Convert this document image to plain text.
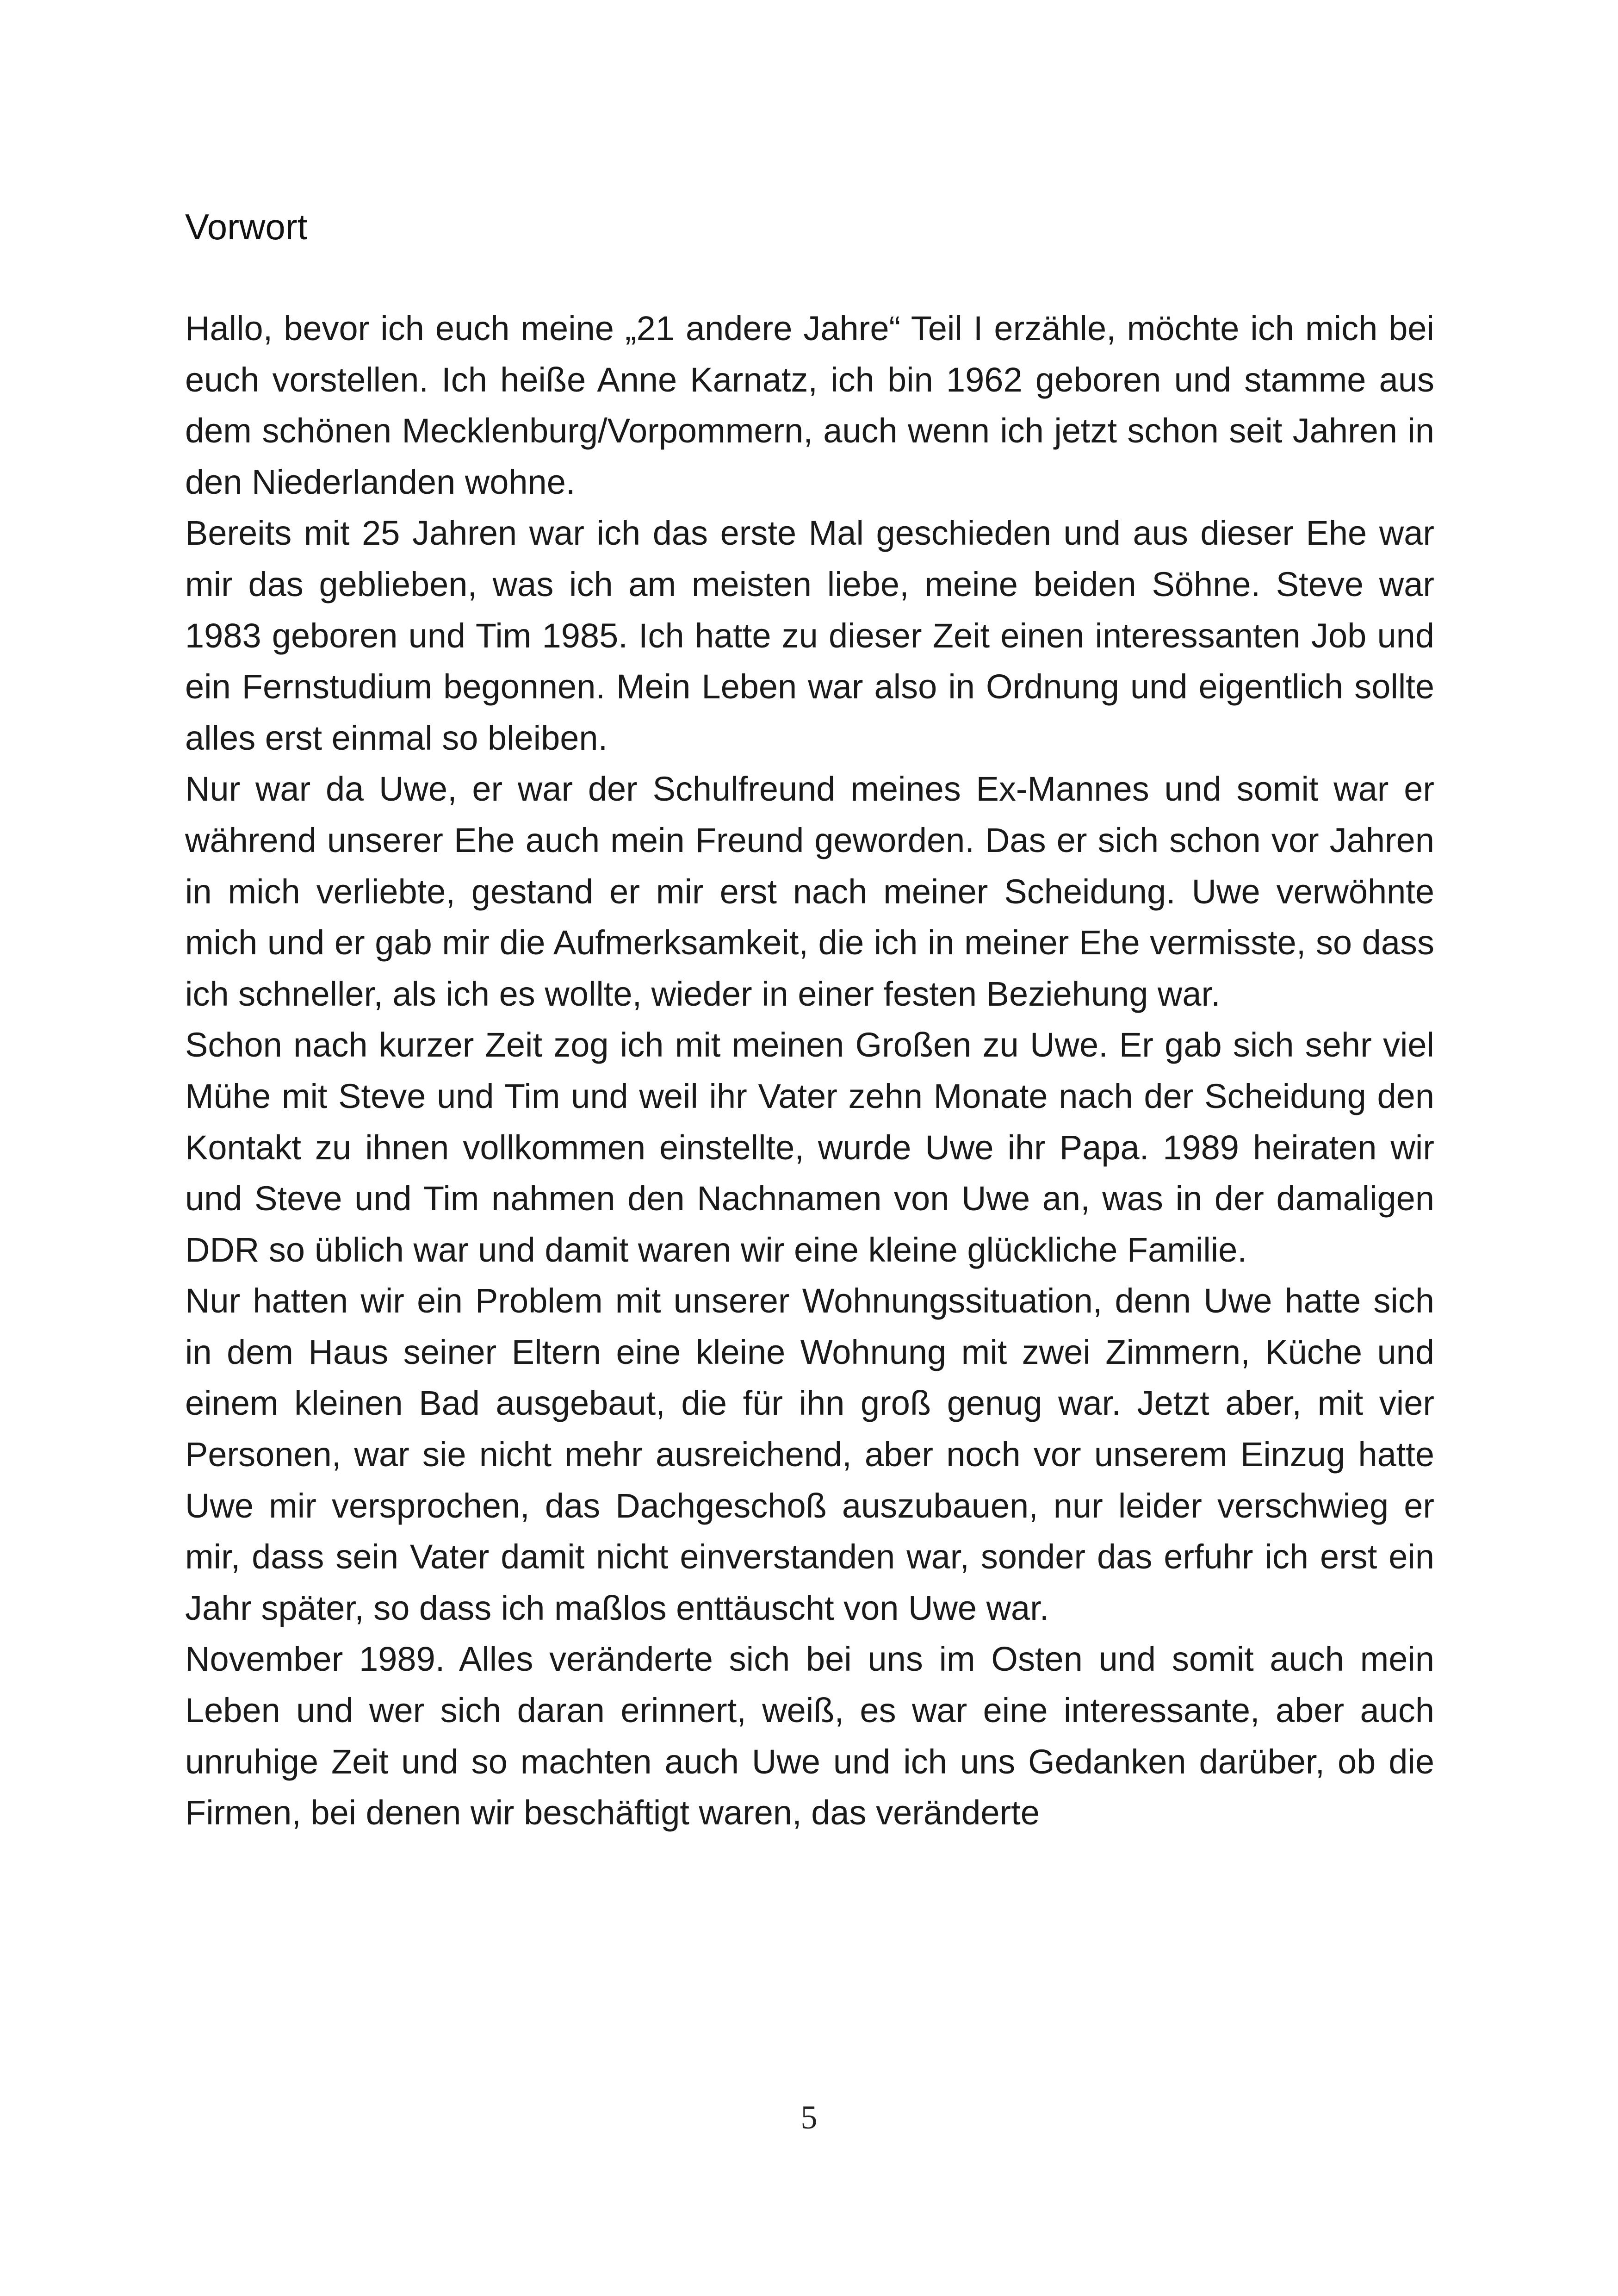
Vorwort

Hallo, bevor ich euch meine „21 andere Jahre“ Teil I erzähle, möchte ich mich bei euch vorstellen. Ich heiße Anne Karnatz, ich bin 1962 geboren und stamme aus dem schönen Mecklenburg/Vorpommern, auch wenn ich jetzt schon seit Jahren in den Niederlanden wohne.

Bereits mit 25 Jahren war ich das erste Mal geschieden und aus dieser Ehe war mir das geblieben, was ich am meisten liebe, meine beiden Söhne. Steve war 1983 geboren und Tim 1985. Ich hatte zu dieser Zeit einen interessanten Job und ein Fernstudium begonnen. Mein Leben war also in Ordnung und eigentlich sollte alles erst einmal so bleiben.

Nur war da Uwe, er war der Schulfreund meines Ex-Mannes und somit war er während unserer Ehe auch mein Freund geworden. Das er sich schon vor Jahren in mich verliebte, gestand er mir erst nach meiner Scheidung. Uwe verwöhnte mich und er gab mir die Aufmerksamkeit, die ich in meiner Ehe vermisste, so dass ich schneller, als ich es wollte, wieder in einer festen Beziehung war.

Schon nach kurzer Zeit zog ich mit meinen Großen zu Uwe. Er gab sich sehr viel Mühe mit Steve und Tim und weil ihr Vater zehn Monate nach der Scheidung den Kontakt zu ihnen vollkommen einstellte, wurde Uwe ihr Papa. 1989 heiraten wir und Steve und Tim nahmen den Nachnamen von Uwe an, was in der damaligen DDR so üblich war und damit waren wir eine kleine glückliche Familie.

Nur hatten wir ein Problem mit unserer Wohnungssituation, denn Uwe hatte sich in dem Haus seiner Eltern eine kleine Wohnung mit zwei Zimmern, Küche und einem kleinen Bad ausgebaut, die für ihn groß genug war. Jetzt aber, mit vier Personen, war sie nicht mehr ausreichend, aber noch vor unserem Einzug hatte Uwe mir versprochen, das Dachgeschoß auszubauen, nur leider verschwieg er mir, dass sein Vater damit nicht einverstanden war, sonder das erfuhr ich erst ein Jahr später, so dass ich maßlos enttäuscht von Uwe war.

November 1989. Alles veränderte sich bei uns im Osten und somit auch mein Leben und wer sich daran erinnert, weiß, es war eine interessante, aber auch unruhige Zeit und so machten auch Uwe und ich uns Gedanken darüber, ob die Firmen, bei denen wir beschäftigt waren, das veränderte

5
